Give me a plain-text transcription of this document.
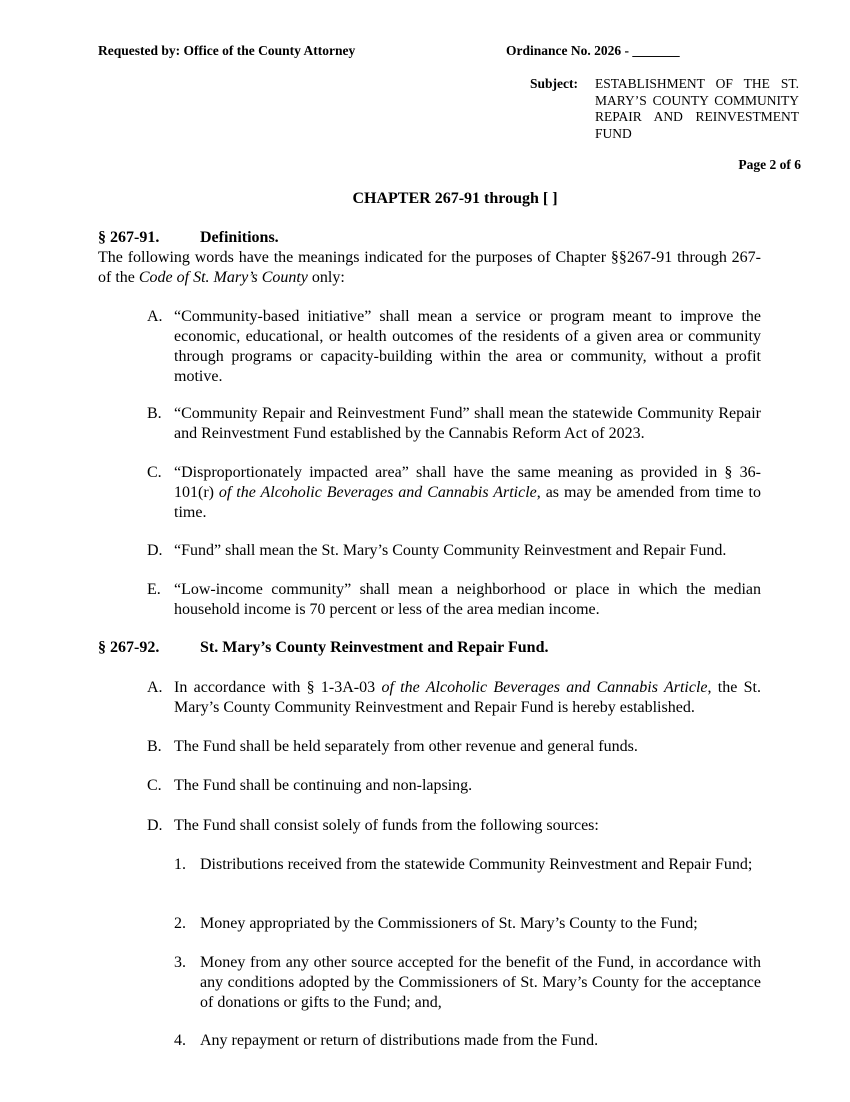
Requested by: Office of the County Attorney	Ordinance No. 2026 - _______
Subject: ESTABLISHMENT OF THE ST. MARY’S COUNTY COMMUNITY REPAIR AND REINVESTMENT FUND
Page 2 of 6
CHAPTER 267-91 through [ ]
§ 267-91.	Definitions.
The following words have the meanings indicated for the purposes of Chapter §§267-91 through 267- of the Code of St. Mary’s County only:
A. “Community-based initiative” shall mean a service or program meant to improve the economic, educational, or health outcomes of the residents of a given area or community through programs or capacity-building within the area or community, without a profit motive.
B. “Community Repair and Reinvestment Fund” shall mean the statewide Community Repair and Reinvestment Fund established by the Cannabis Reform Act of 2023.
C. “Disproportionately impacted area” shall have the same meaning as provided in § 36-101(r) of the Alcoholic Beverages and Cannabis Article, as may be amended from time to time.
D. “Fund” shall mean the St. Mary’s County Community Reinvestment and Repair Fund.
E. “Low-income community” shall mean a neighborhood or place in which the median household income is 70 percent or less of the area median income.
§ 267-92.	St. Mary’s County Reinvestment and Repair Fund.
A. In accordance with § 1-3A-03 of the Alcoholic Beverages and Cannabis Article, the St. Mary’s County Community Reinvestment and Repair Fund is hereby established.
B. The Fund shall be held separately from other revenue and general funds.
C. The Fund shall be continuing and non-lapsing.
D. The Fund shall consist solely of funds from the following sources:
1. Distributions received from the statewide Community Reinvestment and Repair Fund;
2. Money appropriated by the Commissioners of St. Mary’s County to the Fund;
3. Money from any other source accepted for the benefit of the Fund, in accordance with any conditions adopted by the Commissioners of St. Mary’s County for the acceptance of donations or gifts to the Fund; and,
4. Any repayment or return of distributions made from the Fund.
